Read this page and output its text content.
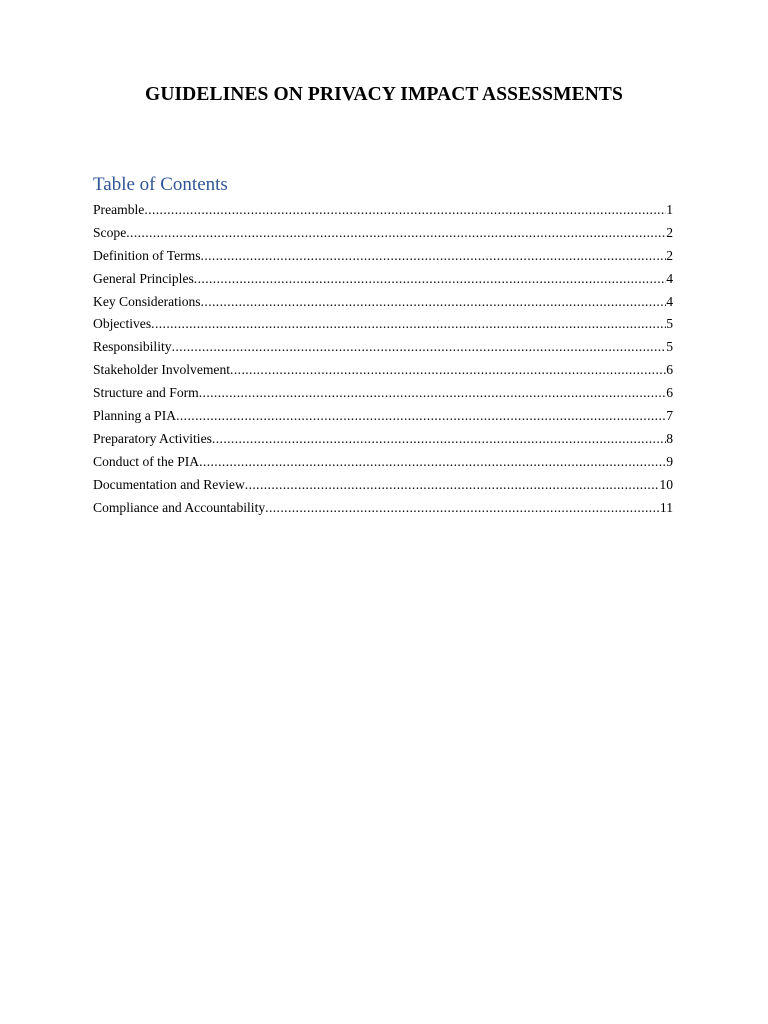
GUIDELINES ON PRIVACY IMPACT ASSESSMENTS
Table of Contents
Preamble .....	1
Scope .....	2
Definition of Terms .....	2
General Principles .....	4
Key Considerations .....	4
Objectives .....	5
Responsibility .....	5
Stakeholder Involvement .....	6
Structure and Form .....	6
Planning a PIA .....	7
Preparatory Activities .....	8
Conduct of the PIA .....	9
Documentation and Review .....	10
Compliance and Accountability .....	11
